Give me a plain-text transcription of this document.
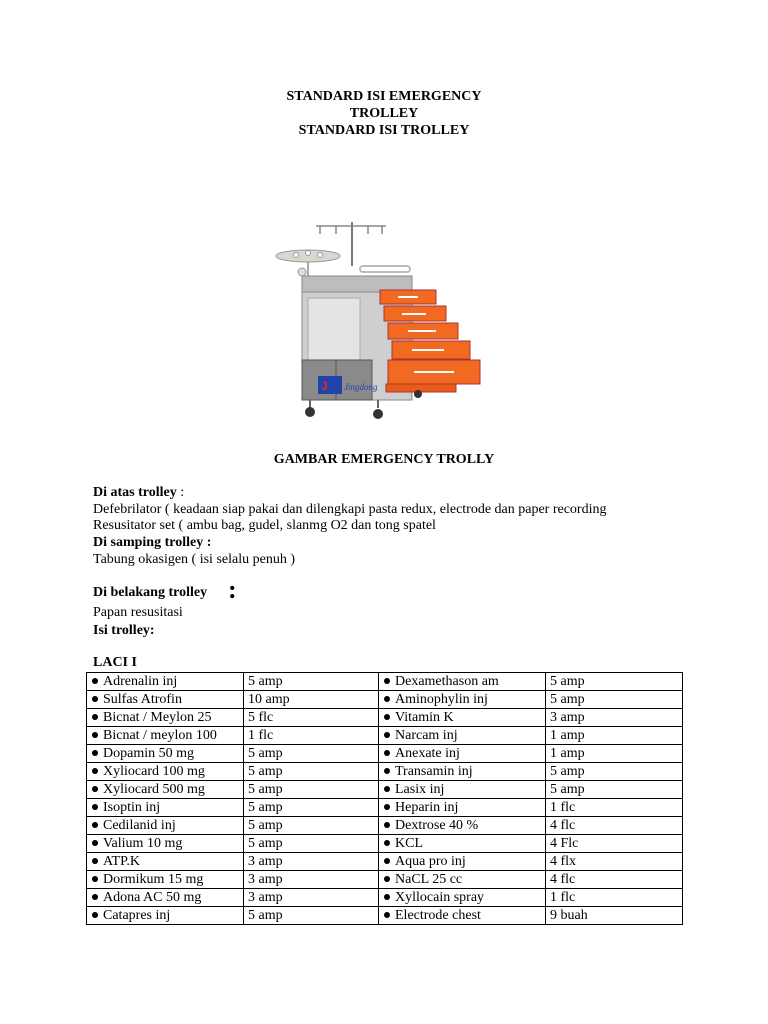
STANDARD ISI EMERGENCY
TROLLEY
STANDARD ISI TROLLEY
J Jingdong
GAMBAR EMERGENCY TROLLY
Di atas trolley :
Defebrilator ( keadaan siap pakai dan dilengkapi pasta redux, electrode dan paper recording
Resusitator set ( ambu bag, gudel, slanmg O2 dan tong spatel
Di samping trolley :
Tabung okasigen ( isi selalu penuh )
Di belakang trolley :
Papan resusitasi
Isi trolley:
LACI I
Adrenalin inj	5 amp	Dexamethason am	5 amp
Sulfas Atrofin	10 amp	Aminophylin inj	5 amp
Bicnat / Meylon 25	5 flc	Vitamin K	3 amp
Bicnat / meylon 100	1 flc	Narcam inj	1 amp
Dopamin 50 mg	5 amp	Anexate inj	1 amp
Xyliocard 100 mg	5 amp	Transamin inj	5 amp
Xyliocard 500 mg	5 amp	Lasix inj	5 amp
Isoptin inj	5 amp	Heparin inj	1 flc
Cedilanid inj	5 amp	Dextrose 40 %	4 flc
Valium 10 mg	5 amp	KCL	4 Flc
ATP.K	3 amp	Aqua pro inj	4 flx
Dormikum 15 mg	3 amp	NaCL 25 cc	4 flc
Adona AC 50 mg	3 amp	Xyllocain spray	1 flc
Catapres inj	5 amp	Electrode chest	9 buah
